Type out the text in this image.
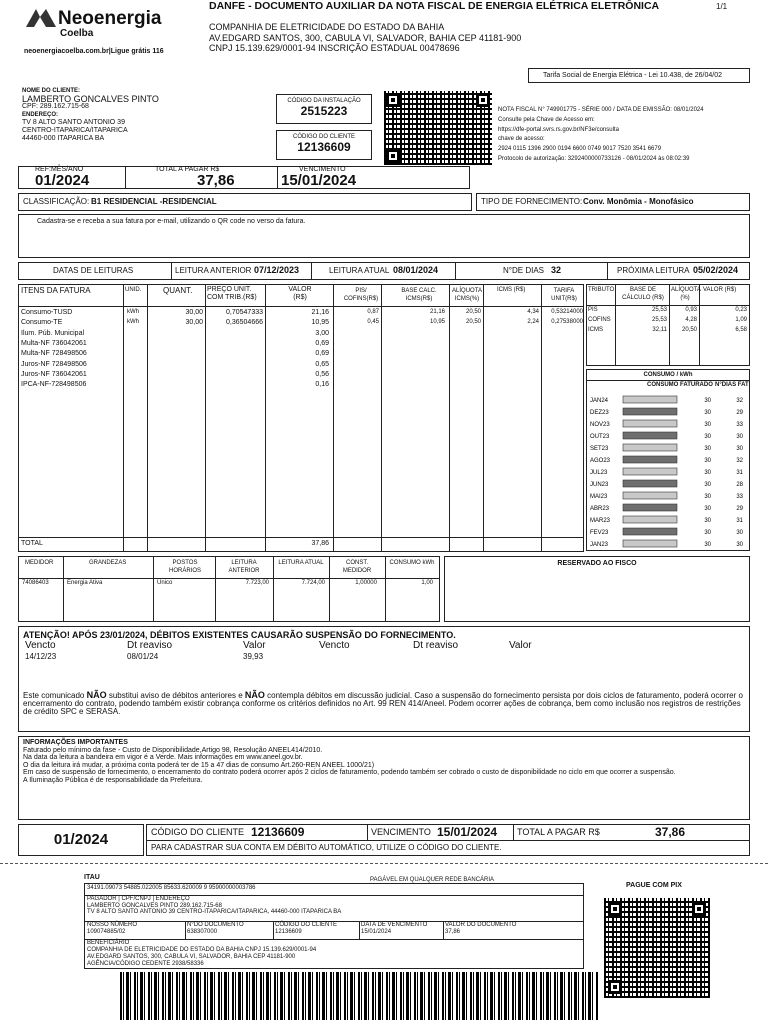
Neoenergia
Coelba
neoenergiacoelba.com.br|Ligue grátis 116
DANFE - DOCUMENTO AUXILIAR DA NOTA FISCAL DE ENERGIA ELÉTRICA ELETRÔNICA	1/1
COMPANHIA DE ELETRICIDADE DO ESTADO DA BAHIA
AV.EDGARD SANTOS, 300, CABULA VI, SALVADOR, BAHIA CEP 41181-900
CNPJ 15.139.629/0001-94 INSCRIÇÃO ESTADUAL 00478696
Tarifa Social de Energia Elétrica - Lei 10.438, de 26/04/02
NOME DO CLIENTE:
LAMBERTO GONCALVES PINTO
CPF: 289.162.715-68
ENDEREÇO:
TV 8 ALTO SANTO ANTONIO 39
CENTRO-ITAPARICA/ITAPARICA
44460-000 ITAPARICA BA
CÓDIGO DA INSTALAÇÃO
2515223
CÓDIGO DO CLIENTE
12136609
NOTA FISCAL N° 749901775 - SÉRIE 000 / DATA DE EMISSÃO: 08/01/2024
Consulte pela Chave de Acesso em:
https://dfe-portal.svrs.rs.gov.br/NF3e/consulta
chave de acesso:
2924 0115 1396 2900 0194 6600 0749 9017 7520 3541 6679
Protocolo de autorização: 3292400000733126 - 08/01/2024 às 08:02:39
REF:MÊS/ANO
01/2024
TOTAL A PAGAR R$
37,86
VENCIMENTO
15/01/2024
CLASSIFICAÇÃO: B1 RESIDENCIAL -RESIDENCIAL	TIPO DE FORNECIMENTO: Conv. Monômia - Monofásico
Cadastra-se e receba a sua fatura por e-mail, utilizando o QR code no verso da fatura.
DATAS DE LEITURAS	LEITURA ANTERIOR 07/12/2023	LEITURA ATUAL 08/01/2024	N°DE DIAS 32	PRÓXIMA LEITURA 05/02/2024
ITENS DA FATURA	UNID.	QUANT. PREÇO UNIT. COM TRIB.(R$)
VALOR (R$)
PIS/ COFINS(R$)
BASE CALC. ICMS(R$)
ALÍQUOTA ICMS(%)
ICMS (R$)	TARIFA UNIT(R$)
Consumo-TUSD	kWh	30,00	0,70547333	21,16	0,87	21,16	20,50	4,34	0,53214000
Consumo-TE	kWh	30,00	0,36504666	10,95	0,45	10,95	20,50	2,24	0,27538000
Ilum. Púb. Municipal	3,00
Multa-NF 736042061	0,69
Multa-NF 728498506	0,69
Juros-NF 728498506	0,65
Juros-NF 736042061	0,56
IPCA-NF-728498506	0,16
TOTAL	37,86
TRIBUTO	BASE DE CÁLCULO (R$)
ALÍQUOTA (%)
VALOR (R$)
PIS	25,53	0,93	0,23
COFINS	25,53	4,28	1,09
ICMS	32,11	20,50	6,58
CONSUMO / kWh
CONSUMO FATURADO N°DIAS FAT
JAN24	30	32
DEZ23	30	29
NOV23	30	33
OUT23	30	30
SET23	30	30
AGO23	30	32
JUL23	30	31
JUN23	30	28
MAI23	30	33
ABR23	30	29
MAR23	30	31
FEV23	30	30
JAN23	30	30
MEDIDOR	GRANDEZAS	POSTOS HORÁRIOS
LEITURA ANTERIOR
LEITURA ATUAL	CONST. MEDIDOR
CONSUMO kWh
74086403	Energia Ativa	Único	7.723,00	7.724,00	1,00000	1,00
RESERVADO AO FISCO
ATENÇÃO! APÓS 23/01/2024, DÉBITOS EXISTENTES CAUSARÃO SUSPENSÃO DO FORNECIMENTO.
Vencto	Dt reaviso	Valor	Vencto	Dt reaviso	Valor
14/12/23	08/01/24	39,93
Este comunicado NÃO substitui aviso de débitos anteriores e NÃO contempla débitos em discussão judicial. Caso a suspensão do fornecimento persista por dois ciclos de faturamento, poderá ocorrer o encerramento do contrato, podendo também existir cobrança conforme os critérios definidos no Art. 99 REN 414/Aneel. Podem ocorrer ações de cobrança, bem como inclusão nos registros de restrições de crédito SPC e SERASA.
INFORMAÇÕES IMPORTANTES
Faturado pelo mínimo da fase - Custo de Disponibilidade,Artigo 98, Resolução ANEEL414/2010.
Na data da leitura a bandeira em vigor é a Verde. Mais informações em www.aneel.gov.br.
O dia da leitura irá mudar, a próxima conta poderá ter de 15 a 47 dias de consumo Art.260-REN ANEEL 1000/21)
Em caso de suspensão de fornecimento, o encerramento do contrato poderá ocorrer após 2 ciclos de faturamento, podendo também ser cobrado o custo de disponibilidade no ciclo em que ocorrer a suspensão.
A Iluminação Pública é de responsabilidade da Prefeitura.
01/2024	CÓDIGO DO CLIENTE 12136609	VENCIMENTO 15/01/2024 TOTAL A PAGAR R$	37,86
PARA CADASTRAR SUA CONTA EM DÉBITO AUTOMÁTICO, UTILIZE O CÓDIGO DO CLIENTE.
ITAU	PAGÁVEL EM QUALQUER REDE BANCÁRIA
34191.09073 54885.022005 85633.620009 9 95900000003786
PAGADOR | CPF/CNPJ | ENDEREÇO
LAMBERTO GONCALVES PINTO 289.162.715-68
TV 8 ALTO SANTO ANTONIO 39 CENTRO-ITAPARICA/ITAPARICA, 44460-000 ITAPARICA BA
NOSSO NÚMERO
109074885/02
N°DO DOCUMENTO
638307000
CÓDIGO DO CLIENTE
12136609
DATA DE VENCIMENTO
15/01/2024
VALOR DO DOCUMENTO
37,86
BENEFICIÁRIO
COMPANHIA DE ELETRICIDADE DO ESTADO DA BAHIA CNPJ 15.139.629/0001-94
AV.EDGARD SANTOS, 300, CABULA VI, SALVADOR, BAHIA CEP 41181-900
AGÊNCIA/CÓDIGO CEDENTE 2938/58336
PAGUE COM PIX
